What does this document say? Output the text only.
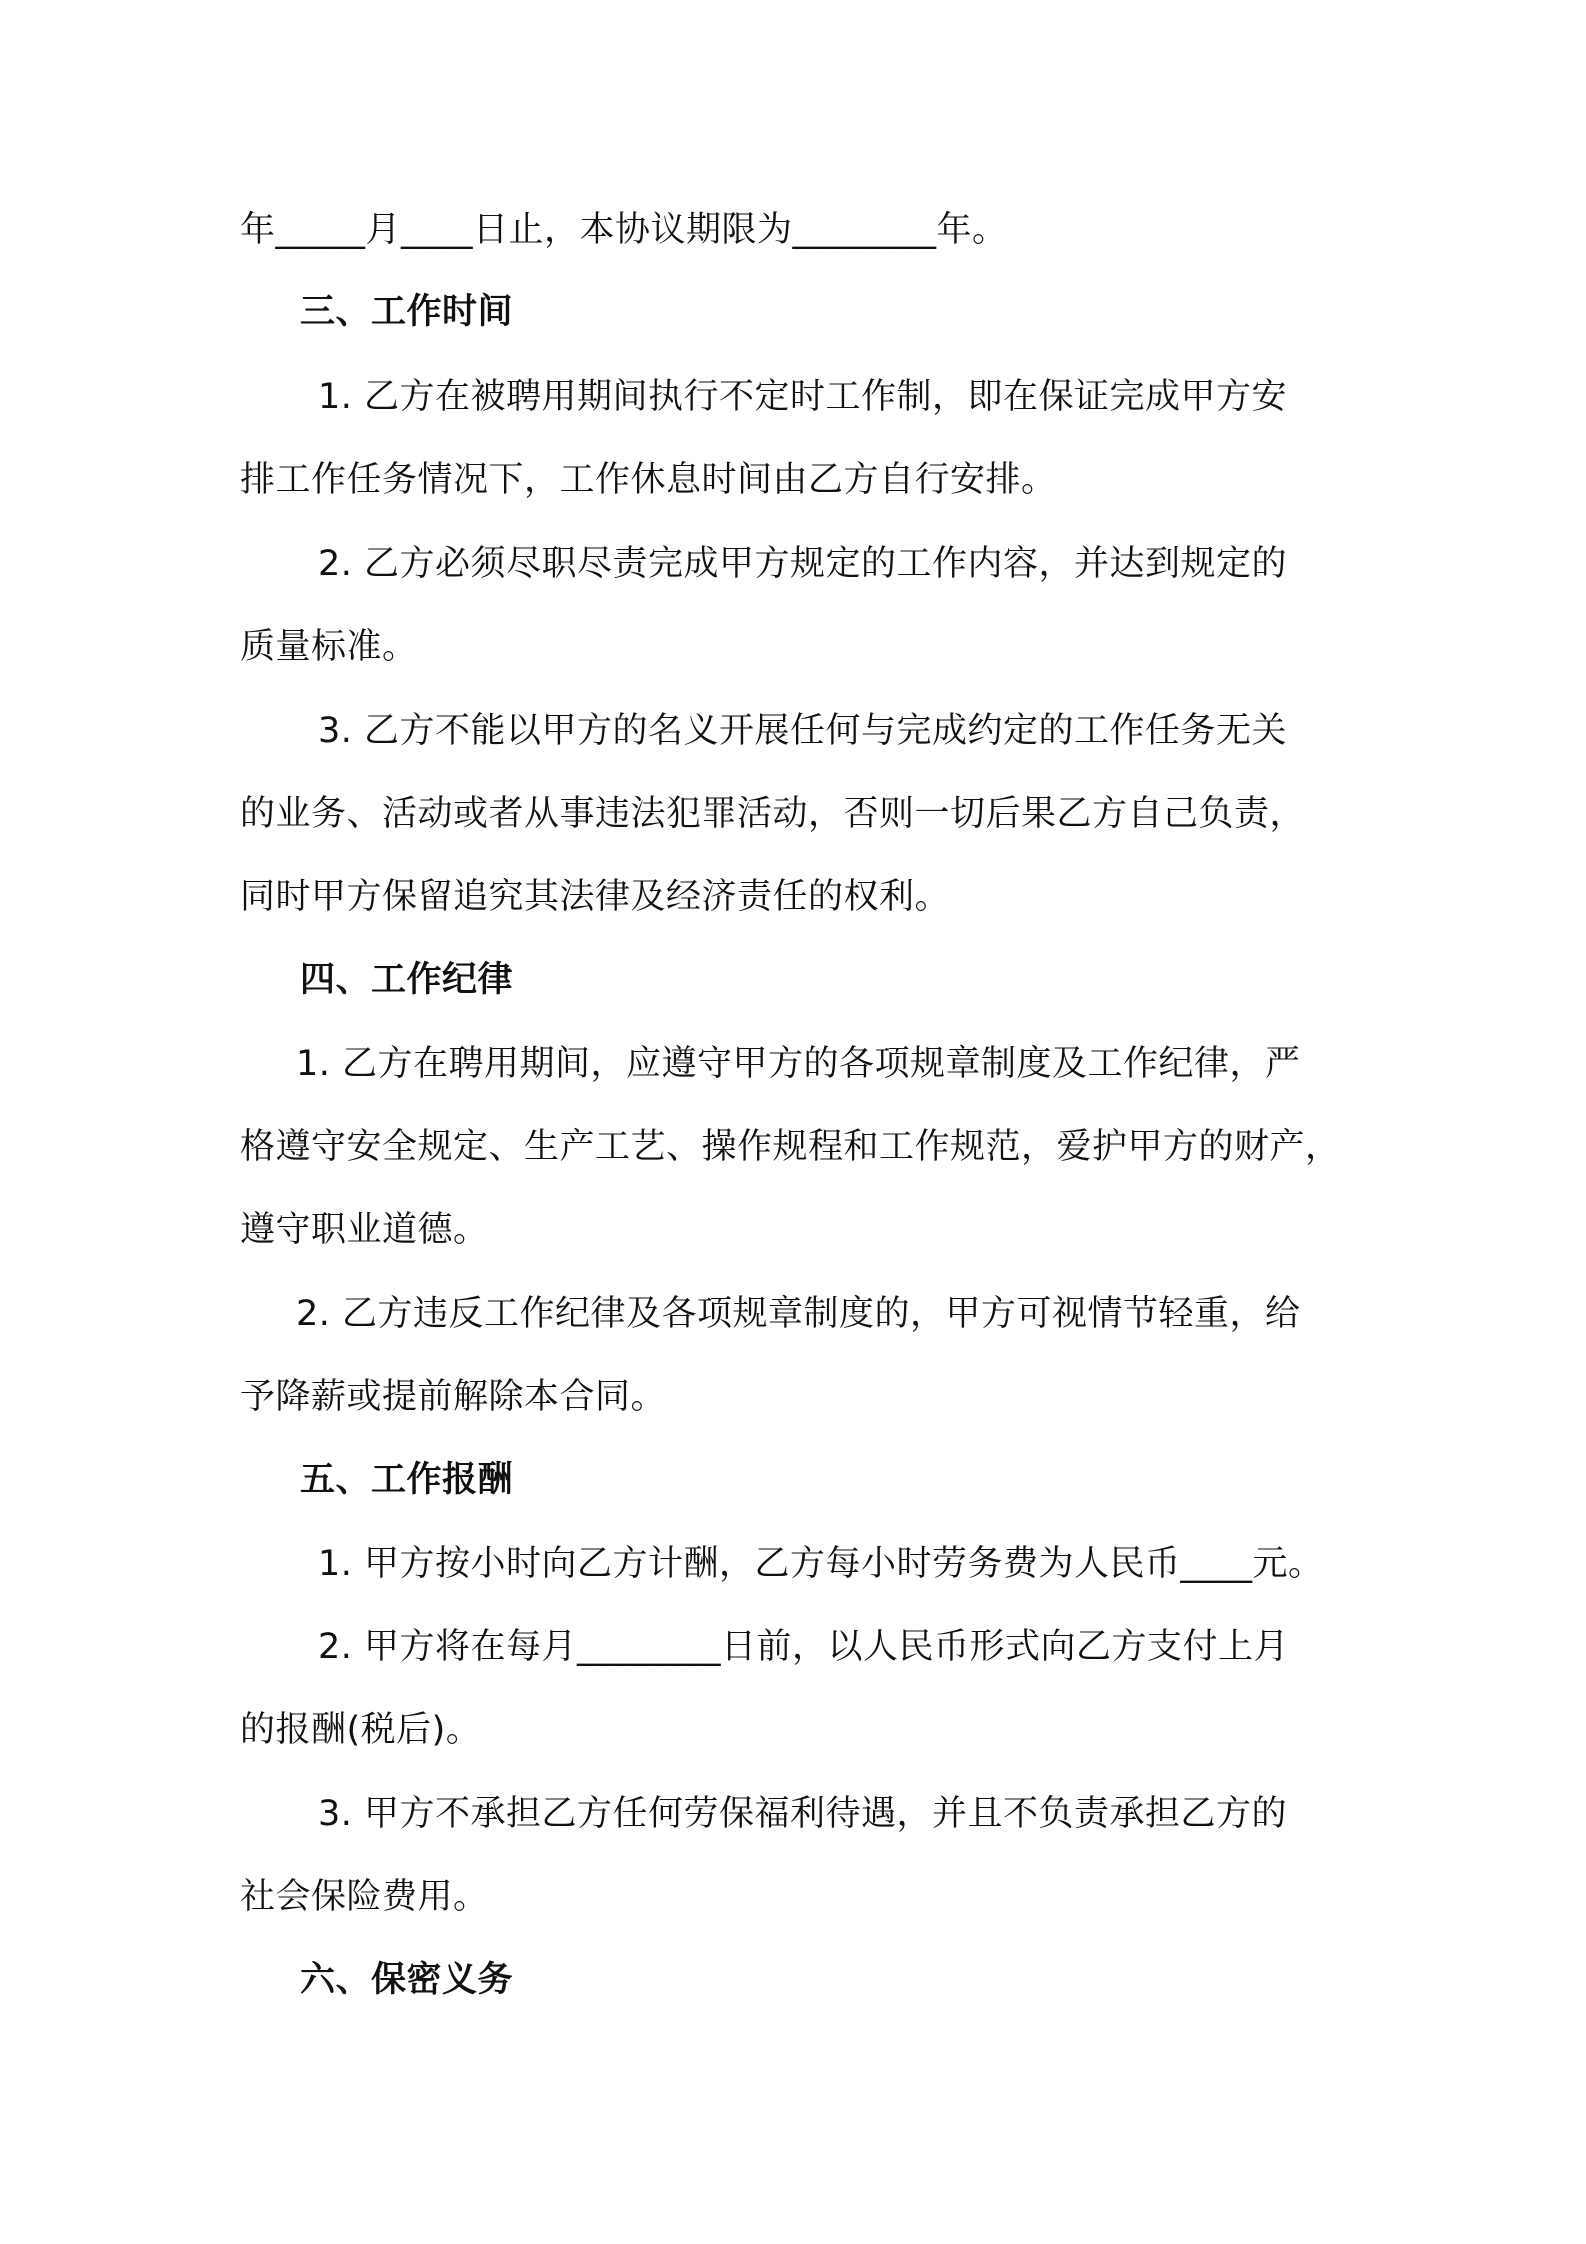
年_____月____日止，本协议期限为________年。
三、工作时间
1. 乙方在被聘用期间执行不定时工作制，即在保证完成甲方安
排工作任务情况下，工作休息时间由乙方自行安排。
2. 乙方必须尽职尽责完成甲方规定的工作内容，并达到规定的
质量标准。
3. 乙方不能以甲方的名义开展任何与完成约定的工作任务无关
的业务、活动或者从事违法犯罪活动，否则一切后果乙方自己负责，
同时甲方保留追究其法律及经济责任的权利。
四、工作纪律
1. 乙方在聘用期间，应遵守甲方的各项规章制度及工作纪律，严
格遵守安全规定、生产工艺、操作规程和工作规范，爱护甲方的财产，
遵守职业道德。
2. 乙方违反工作纪律及各项规章制度的，甲方可视情节轻重，给
予降薪或提前解除本合同。
五、工作报酬
1. 甲方按小时向乙方计酬，乙方每小时劳务费为人民币____元。
2. 甲方将在每月________日前，以人民币形式向乙方支付上月
的报酬(税后)。
3. 甲方不承担乙方任何劳保福利待遇，并且不负责承担乙方的
社会保险费用。
六、保密义务
